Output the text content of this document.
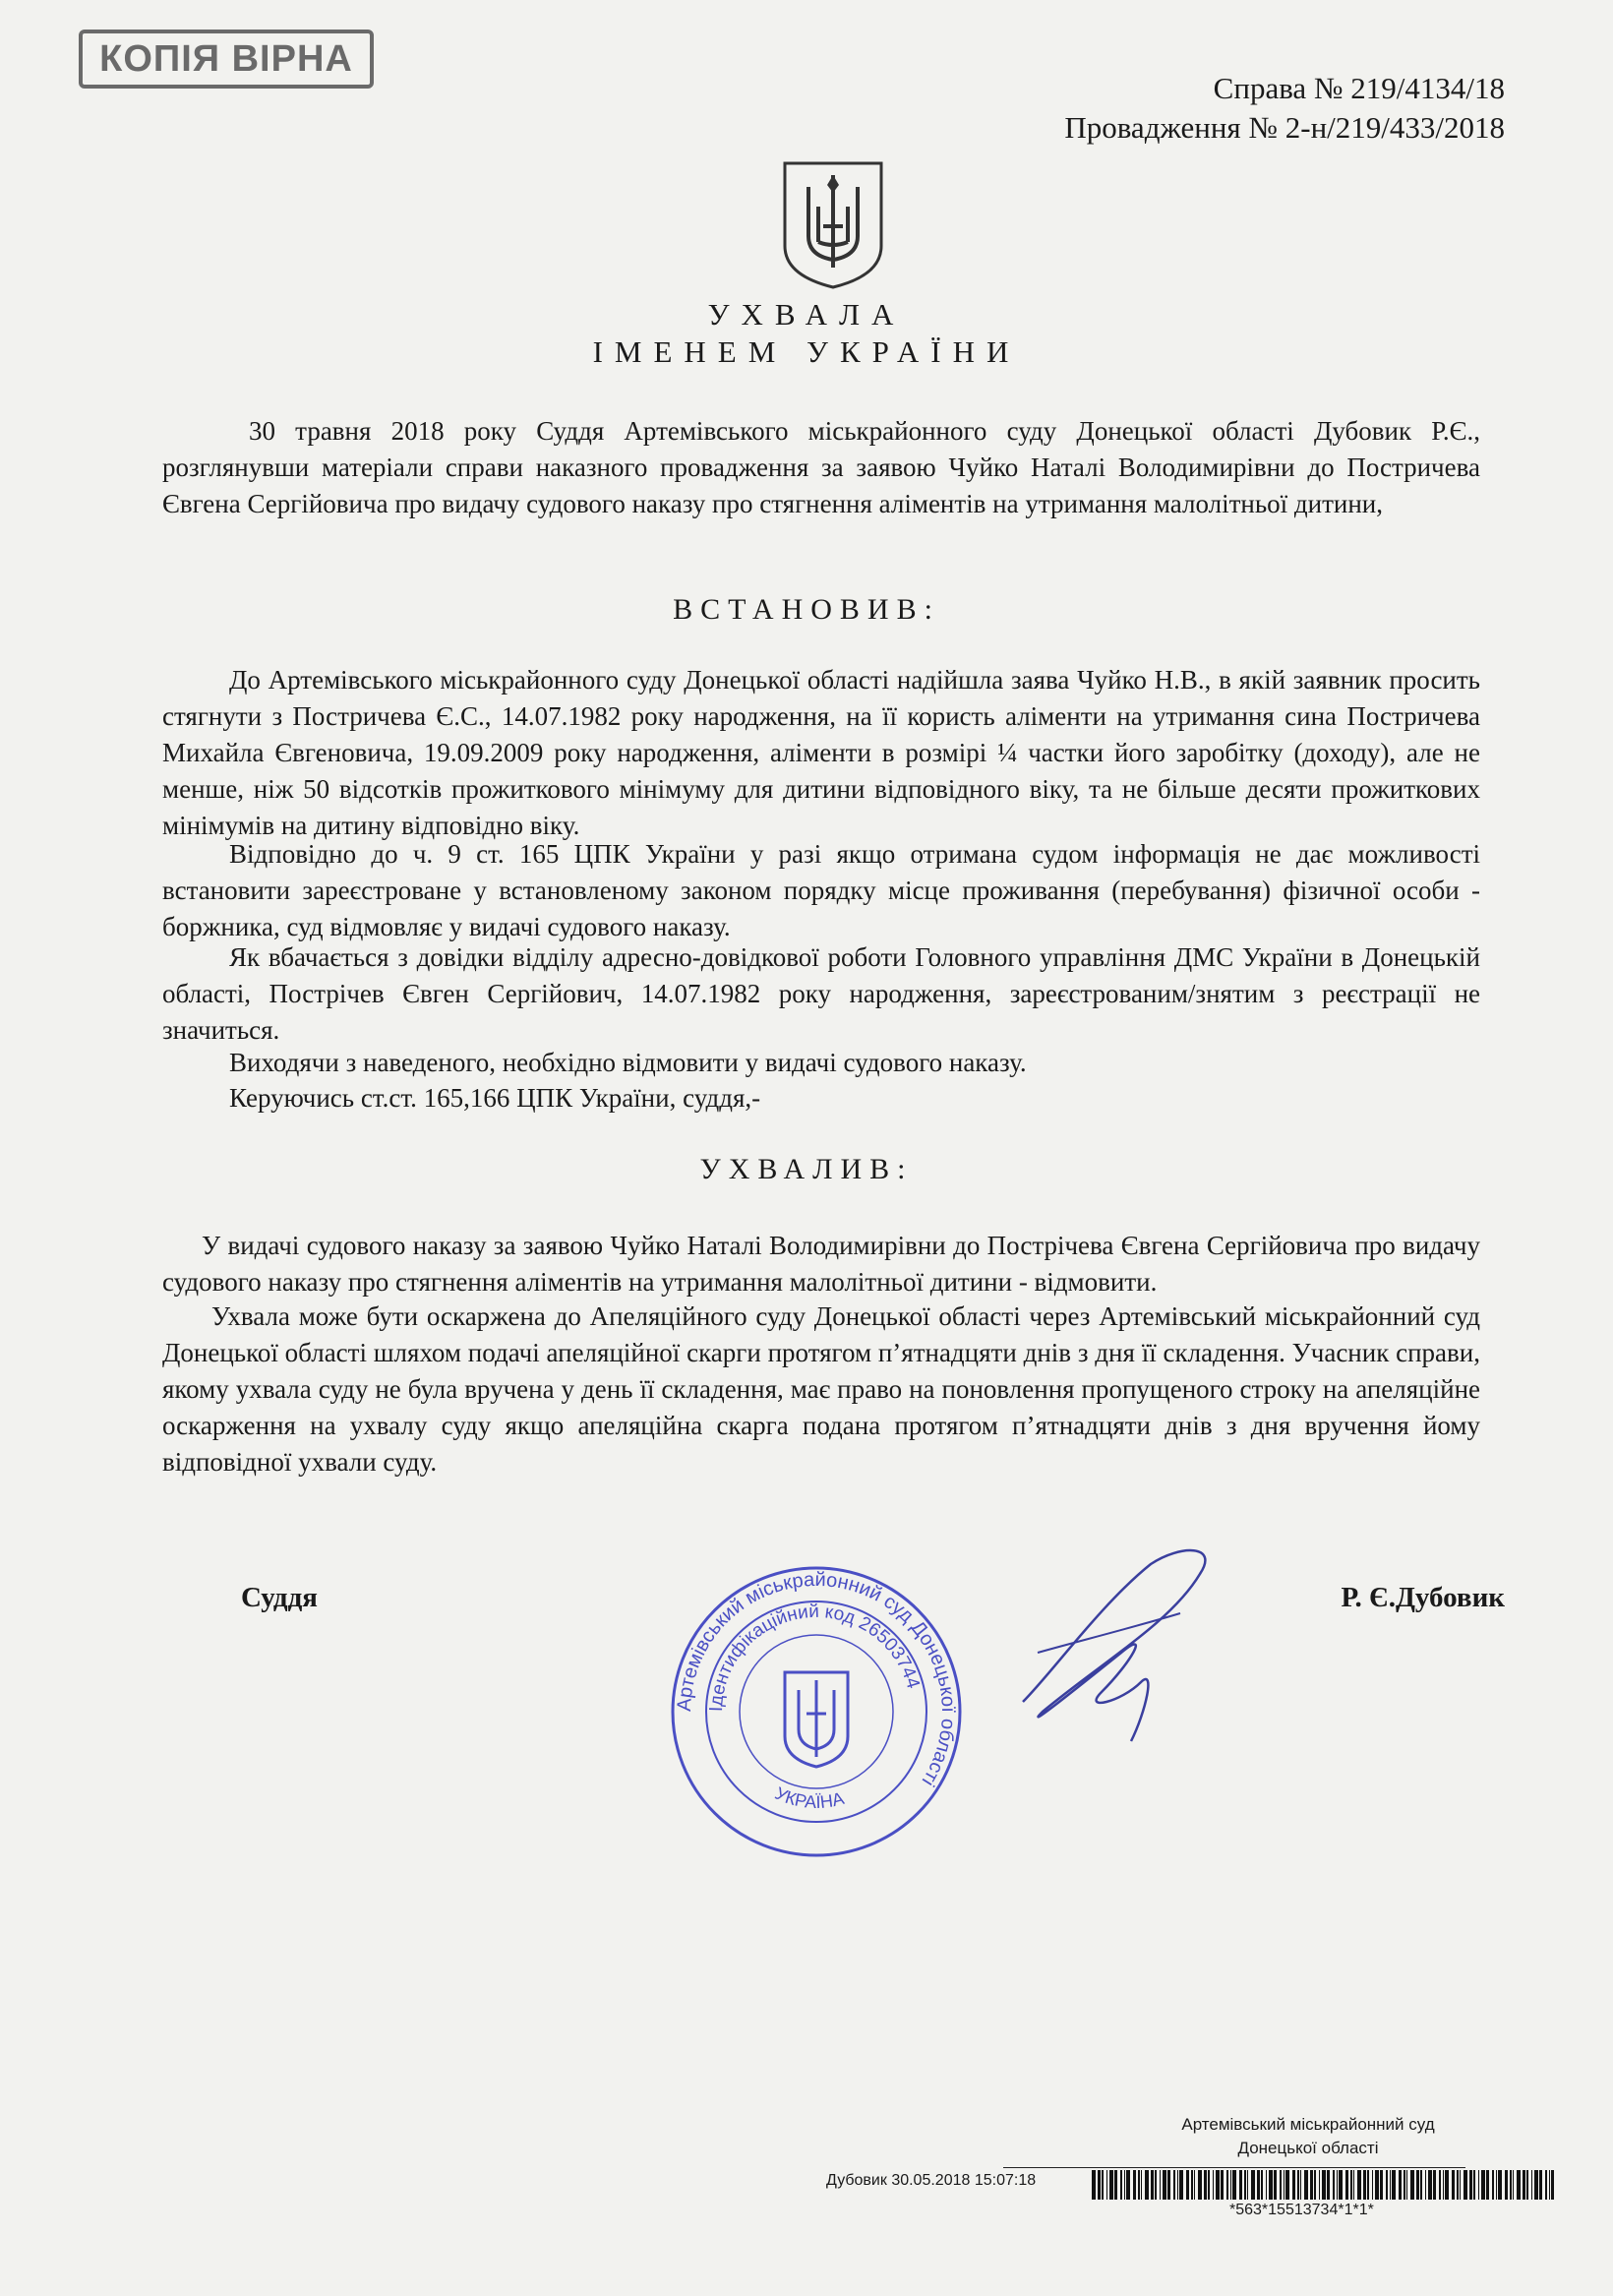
КОПІЯ ВІРНА
Справа № 219/4134/18
Провадження № 2-н/219/433/2018
УХВАЛА
ІМЕНЕМ УКРАЇНИ
30 травня 2018 року Суддя Артемівського міськрайонного суду Донецької області Дубовик Р.Є., розглянувши матеріали справи наказного провадження за заявою Чуйко Наталі Володимирівни до Постричева Євгена Сергійовича про видачу судового наказу про стягнення аліментів на утримання малолітньої дитини,
ВСТАНОВИВ:
До Артемівського міськрайонного суду Донецької області надійшла заява Чуйко Н.В., в якій заявник просить стягнути з Постричева Є.С., 14.07.1982 року народження, на її користь аліменти на утримання сина Постричева Михайла Євгеновича, 19.09.2009 року народження, аліменти в розмірі ¼ частки його заробітку (доходу), але не менше, ніж 50 відсотків прожиткового мінімуму для дитини відповідного віку, та не більше десяти прожиткових мінімумів на дитину відповідно віку.
Відповідно до ч. 9 ст. 165 ЦПК України у разі якщо отримана судом інформація не дає можливості встановити зареєстроване у встановленому законом порядку місце проживання (перебування) фізичної особи - боржника, суд відмовляє у видачі судового наказу.
Як вбачається з довідки відділу адресно-довідкової роботи Головного управління ДМС України в Донецькій області, Пострічев Євген Сергійович, 14.07.1982 року народження, зареєстрованим/знятим з реєстрації не значиться.
Виходячи з наведеного, необхідно відмовити у видачі судового наказу.
Керуючись ст.ст. 165,166 ЦПК України, суддя,-
УХВАЛИВ:
У видачі судового наказу за заявою Чуйко Наталі Володимирівни до Пострічева Євгена Сергійовича про видачу судового наказу про стягнення аліментів на утримання малолітньої дитини - відмовити.
Ухвала може бути оскаржена до Апеляційного суду Донецької області через Артемівський міськрайонний суд Донецької області шляхом подачі апеляційної скарги протягом п’ятнадцяти днів з дня її складення. Учасник справи, якому ухвала суду не була вручена у день її складення, має право на поновлення пропущеного строку на апеляційне оскарження на ухвалу суду якщо апеляційна скарга подана протягом п’ятнадцяти днів з дня вручення йому відповідної ухвали суду.
Суддя	Р. Є.Дубовик
Артемівський міськрайонний суд Донецької області
Ідентифікаційний код 26503744
УКРАЇНА
Артемівський міськрайонний суд
Донецької області
Дубовик 30.05.2018 15:07:18
*563*15513734*1*1*
